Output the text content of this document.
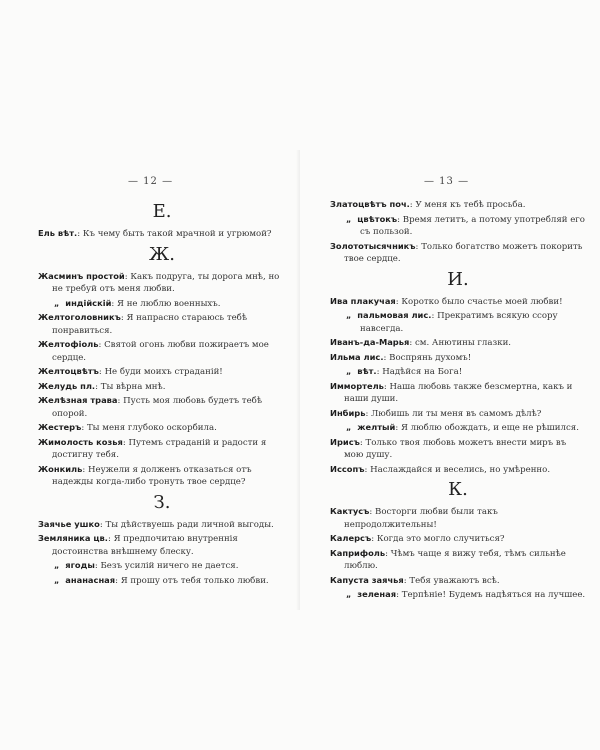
— 12 —
Е.
Ель вѣт.: Къ чему быть такой мрачной и угрюмой?
Ж.
Жасминъ простой: Какъ подруга, ты дорога мнѣ, но не требуй отъ меня любви.
„ индійскій: Я не люблю военныхъ.
Желтоголовникъ: Я напрасно стараюсь тебѣ понравиться.
Желтофіоль: Святой огонь любви пожираетъ мое сердце.
Желтоцвѣтъ: Не буди моихъ страданій!
Желудь пл.: Ты вѣрна мнѣ.
Желѣзная трава: Пусть моя любовь будетъ тебѣ опорой.
Жестеръ: Ты меня глубоко оскорбила.
Жимолость козья: Путемъ страданій и радости я достигну тебя.
Жонкиль: Неужели я долженъ отказаться отъ надежды когда-либо тронуть твое сердце?
З.
Заячье ушко: Ты дѣйствуешь ради личной выгоды.
Земляника цв.: Я предпочитаю внутреннія достоинства внѣшнему блеску.
„ ягоды: Безъ усилій ничего не дается.
„ ананасная: Я прошу отъ тебя только любви.
— 13 —
Златоцвѣтъ поч.: У меня къ тебѣ просьба.
„ цвѣтокъ: Время летитъ, а потому употребляй его съ пользой.
Золототысячникъ: Только богатство можетъ покорить твое сердце.
И.
Ива плакучая: Коротко было счастье моей любви!
„ пальмовая лис.: Прекратимъ всякую ссору навсегда.
Иванъ-да-Марья: см. Анютины глазки.
Ильма лис.: Воспрянь духомъ!
„ вѣт.: Надѣйся на Бога!
Иммортель: Наша любовь также безсмертна, какъ и наши души.
Инбирь: Любишь ли ты меня въ самомъ дѣлѣ?
„ желтый: Я люблю обождать, и еще не рѣшился.
Ирисъ: Только твоя любовь можетъ внести миръ въ мою душу.
Иссопъ: Наслаждайся и веселись, но умѣренно.
К.
Кактусъ: Восторги любви были такъ непродолжительны!
Калерсъ: Когда это могло случиться?
Каприфоль: Чѣмъ чаще я вижу тебя, тѣмъ сильнѣе люблю.
Капуста заячья: Тебя уважаютъ всѣ.
„ зеленая: Терпѣніе! Будемъ надѣяться на лучшее.
